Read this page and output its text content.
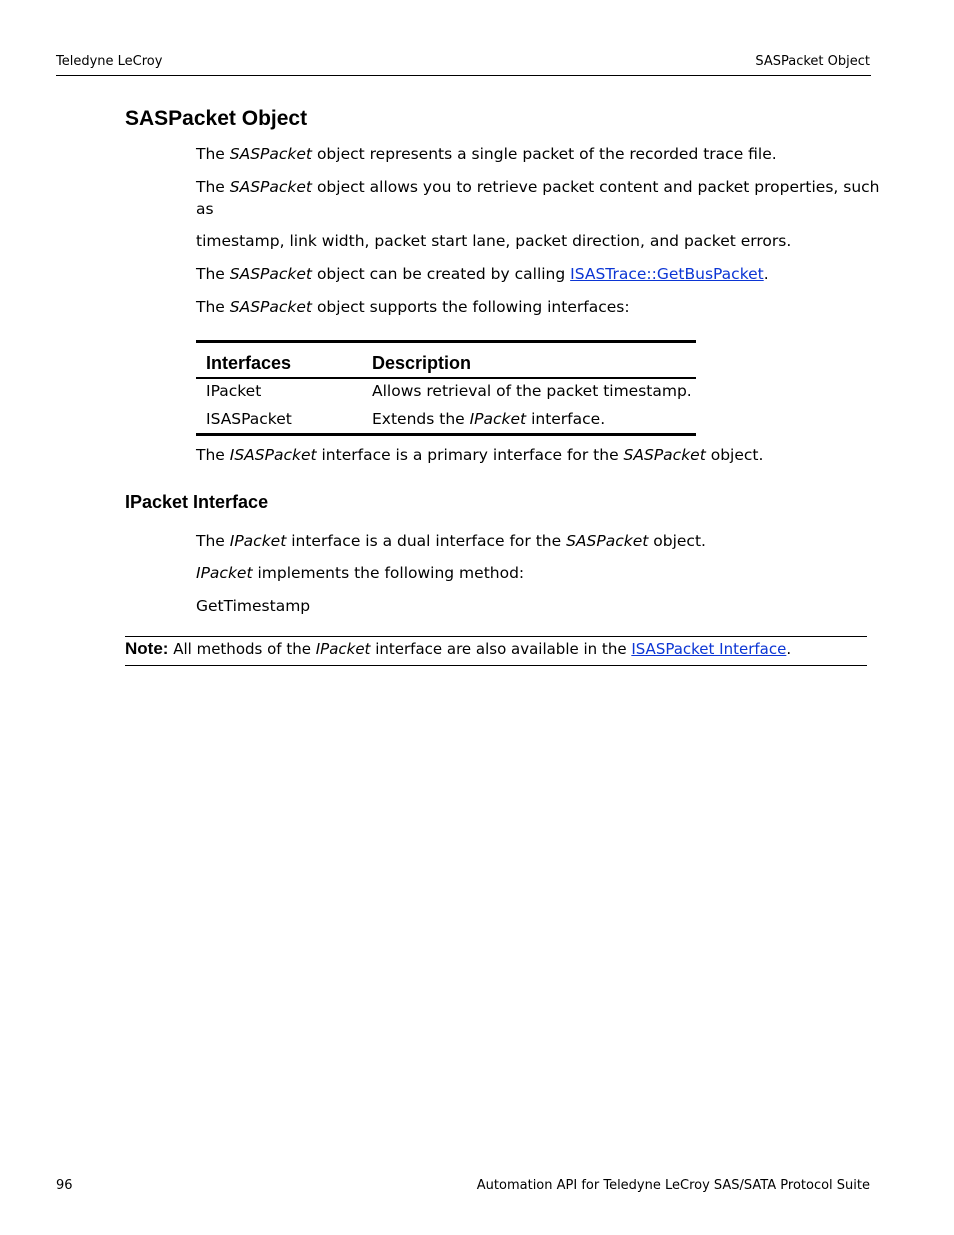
Teledyne LeCroy	SASPacket Object
SASPacket Object
The SASPacket object represents a single packet of the recorded trace file.
The SASPacket object allows you to retrieve packet content and packet properties, such
as
timestamp, link width, packet start lane, packet direction, and packet errors.
The SASPacket object can be created by calling ISASTrace::GetBusPacket.
The SASPacket object supports the following interfaces:
Interfaces	Description
IPacket	Allows retrieval of the packet timestamp.
ISASPacket	Extends the IPacket interface.
The ISASPacket interface is a primary interface for the SASPacket object.
IPacket Interface
The IPacket interface is a dual interface for the SASPacket object.
IPacket implements the following method:
GetTimestamp
Note: All methods of the IPacket interface are also available in the ISASPacket Interface.
96	Automation API for Teledyne LeCroy SAS/SATA Protocol Suite
